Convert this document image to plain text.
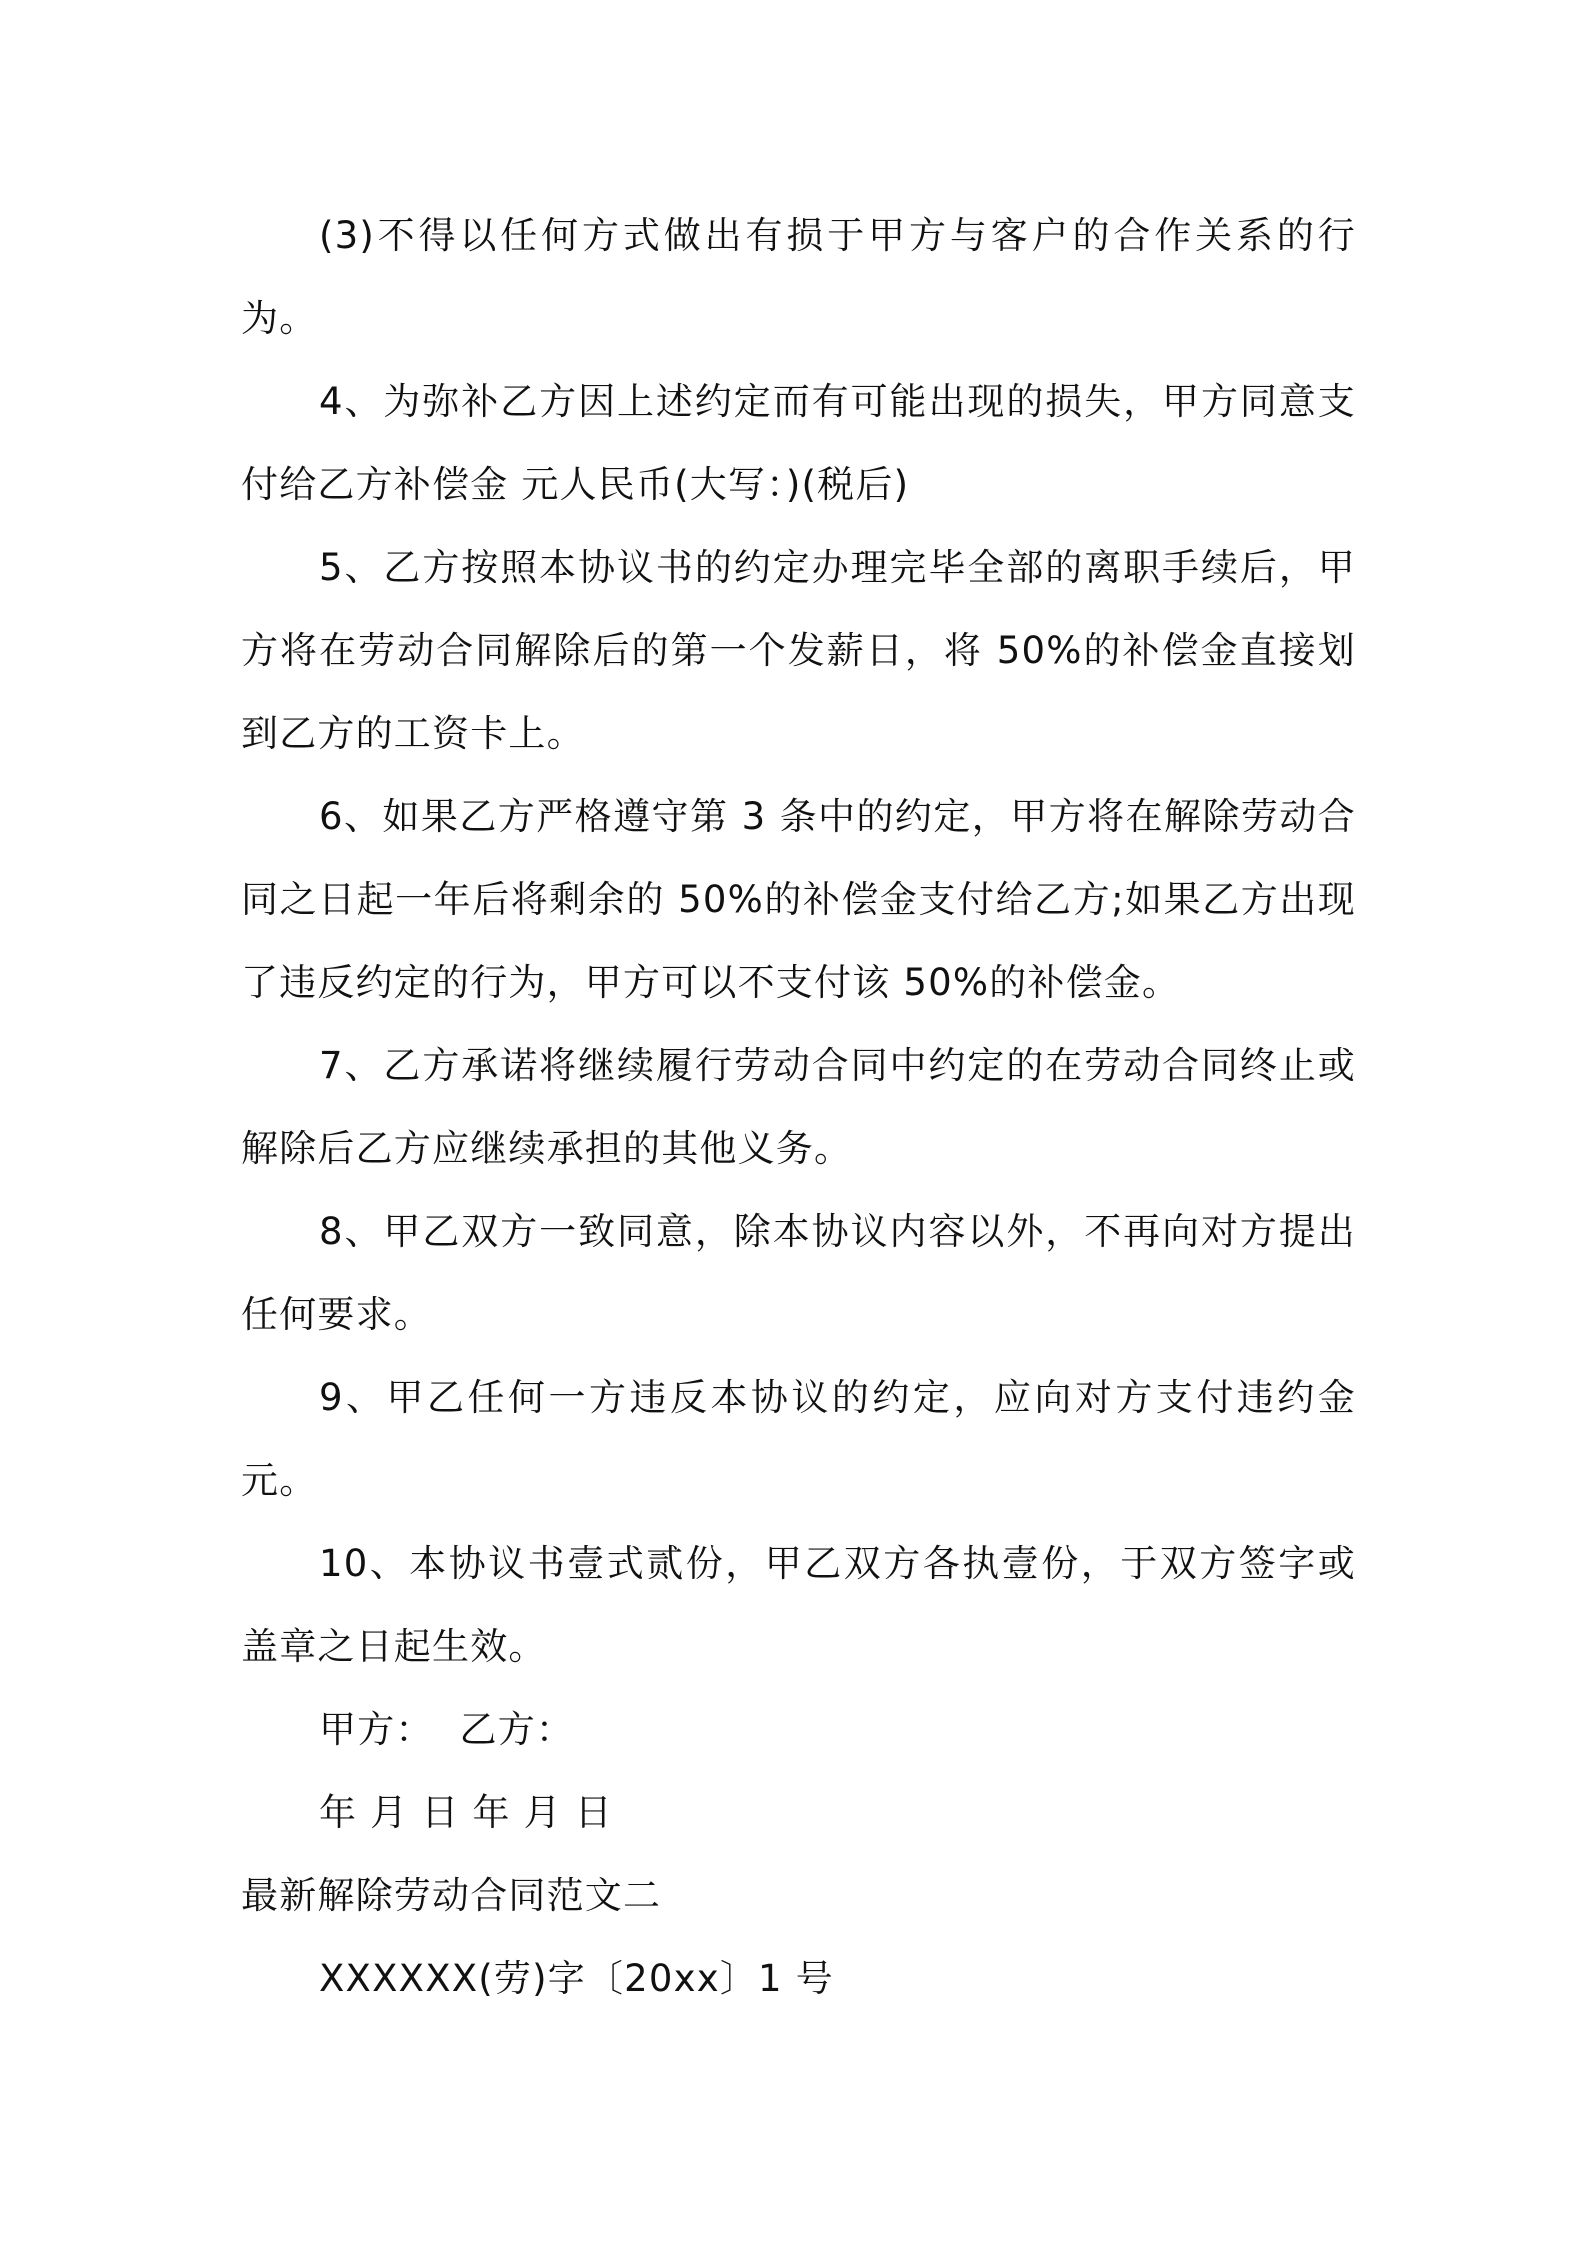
(3)不得以任何方式做出有损于甲方与客户的合作关系的行为。

4、为弥补乙方因上述约定而有可能出现的损失，甲方同意支付给乙方补偿金 元人民币(大写：)(税后)

5、乙方按照本协议书的约定办理完毕全部的离职手续后，甲方将在劳动合同解除后的第一个发薪日，将 50%的补偿金直接划到乙方的工资卡上。

6、如果乙方严格遵守第 3 条中的约定，甲方将在解除劳动合同之日起一年后将剩余的 50%的补偿金支付给乙方;如果乙方出现了违反约定的行为，甲方可以不支付该 50%的补偿金。

7、乙方承诺将继续履行劳动合同中约定的在劳动合同终止或解除后乙方应继续承担的其他义务。

8、甲乙双方一致同意，除本协议内容以外，不再向对方提出任何要求。

9、甲乙任何一方违反本协议的约定，应向对方支付违约金元。

10、本协议书壹式贰份，甲乙双方各执壹份，于双方签字或盖章之日起生效。

甲方：  乙方：

年 月 日 年 月 日

最新解除劳动合同范文二

XXXXXX(劳)字〔20xx〕1 号
